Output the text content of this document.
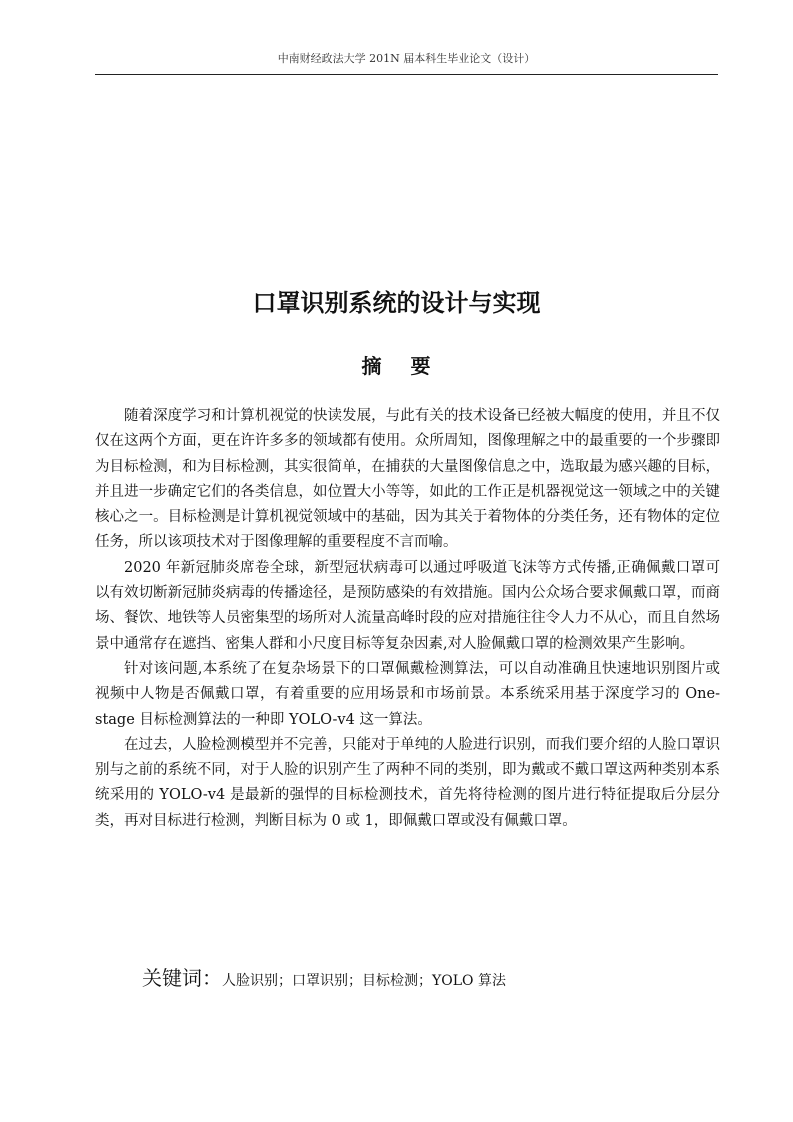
中南财经政法大学 201N 届本科生毕业论文（设计）
口罩识别系统的设计与实现
摘 要

随着深度学习和计算机视觉的快读发展，与此有关的技术设备已经被大幅度的使用，并且不仅仅在这两个方面，更在许许多多的领域都有使用。众所周知，图像理解之中的最重要的一个步骤即为目标检测，和为目标检测，其实很简单，在捕获的大量图像信息之中，选取最为感兴趣的目标，并且进一步确定它们的各类信息，如位置大小等等，如此的工作正是机器视觉这一领域之中的关键核心之一。目标检测是计算机视觉领域中的基础，因为其关于着物体的分类任务，还有物体的定位任务，所以该项技术对于图像理解的重要程度不言而喻。

2020 年新冠肺炎席卷全球，新型冠状病毒可以通过呼吸道飞沫等方式传播,正确佩戴口罩可以有效切断新冠肺炎病毒的传播途径，是预防感染的有效措施。国内公众场合要求佩戴口罩，而商场、餐饮、地铁等人员密集型的场所对人流量高峰时段的应对措施往往令人力不从心，而且自然场景中通常存在遮挡、密集人群和小尺度目标等复杂因素,对人脸佩戴口罩的检测效果产生影响。

针对该问题,本系统了在复杂场景下的口罩佩戴检测算法，可以自动准确且快速地识别图片或视频中人物是否佩戴口罩，有着重要的应用场景和市场前景。本系统采用基于深度学习的 One-stage 目标检测算法的一种即 YOLO-v4 这一算法。

在过去，人脸检测模型并不完善，只能对于单纯的人脸进行识别，而我们要介绍的人脸口罩识别与之前的系统不同，对于人脸的识别产生了两种不同的类别，即为戴或不戴口罩这两种类别本系统采用的 YOLO-v4 是最新的强悍的目标检测技术，首先将待检测的图片进行特征提取后分层分类，再对目标进行检测，判断目标为 0 或 1，即佩戴口罩或没有佩戴口罩。

关键词：人脸识别；口罩识别；目标检测；YOLO 算法
